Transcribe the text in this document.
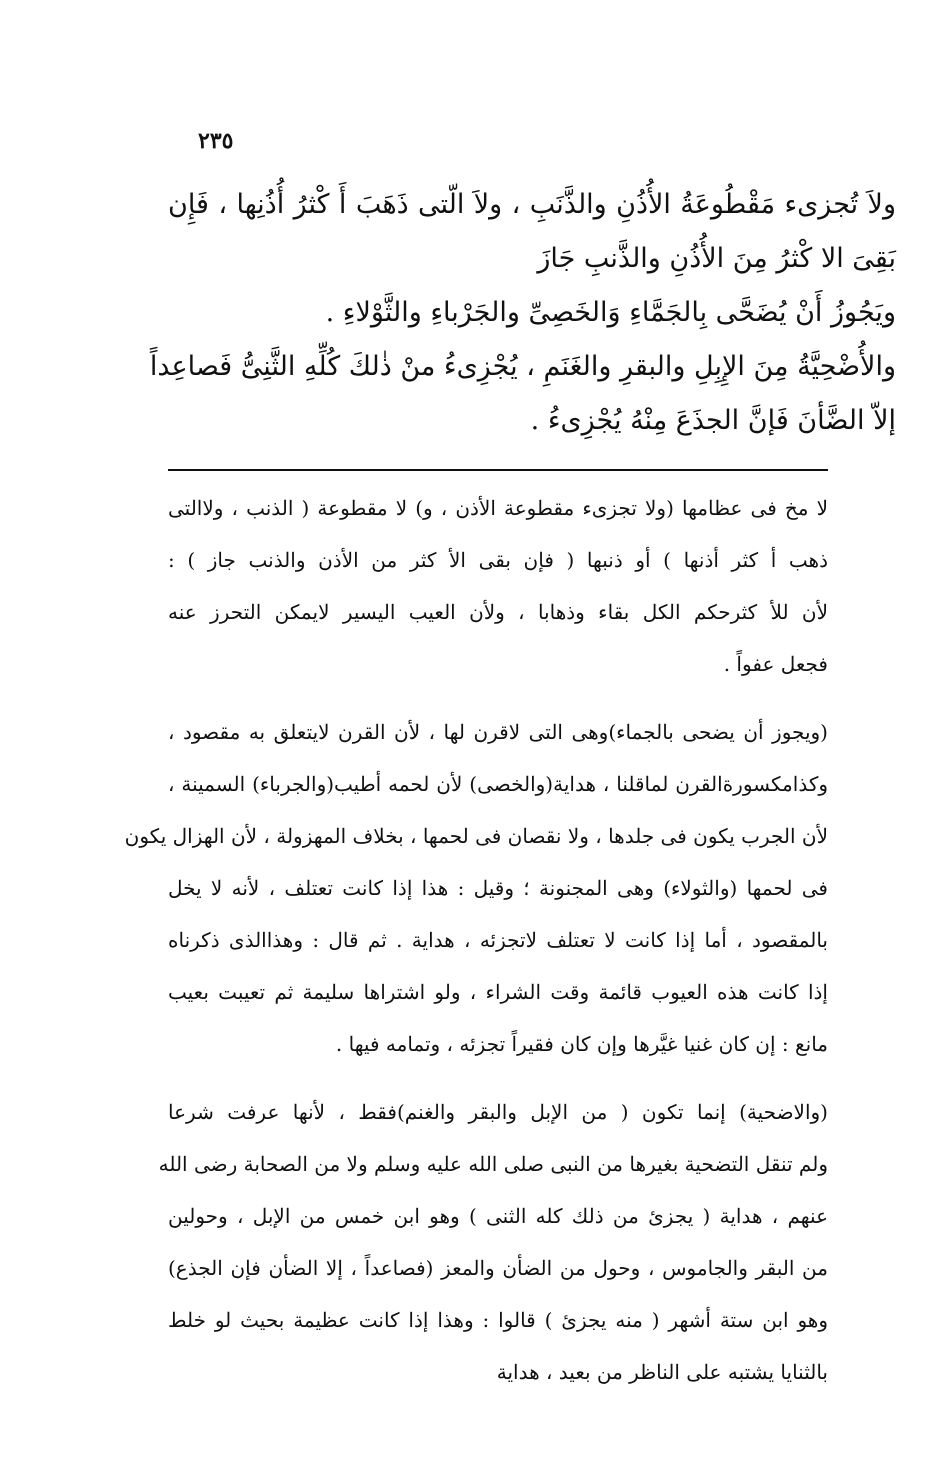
٢٣٥
ولاَ تُجزىء مَقْطُوعَةُ الأُذُنِ والذَّنَبِ ، ولاَ الّتى ذَهَبَ أَ كْثرُ أُذُنِها ، فَإِن
بَقِىَ الا كْثرُ مِنَ الأُذُنِ والذَّنبِ جَازَ
ويَجُوزُ أَنْ يُضَحَّى بِالجَمَّاءِ وَالخَصِىِّ والجَرْباءِ والثَّوْلاءِ .
والأُضْحِيَّةُ مِنَ الإِبِلِ والبقرِ والغَنَمِ ، يُجْزِىءُ منْ ذٰلكَ كُلِّهِ الثَّنِىُّ فَصاعِداً
إلاّ الضَّأنَ فَإنَّ الجذَعَ مِنْهُ يُجْزِىءُ .
لا مخ فى عظامها (ولا تجزىء مقطوعة الأذن ، و) لا مقطوعة ( الذنب ، ولاالتى
ذهب أ كثر أذنها ) أو ذنبها ( فإن بقى الأ كثر من الأذن والذنب جاز ) :
لأن للأ كثرحكم الكل بقاء وذهابا ، ولأن العيب اليسير لايمكن التحرز عنه
فجعل عفواً .
(ويجوز أن يضحى بالجماء)وهى التى لاقرن لها ، لأن القرن لايتعلق به مقصود ،
وكذامكسورةالقرن لماقلنا ، هداية(والخصى) لأن لحمه أطيب(والجرباء) السمينة ،
لأن الجرب يكون فى جلدها ، ولا نقصان فى لحمها ، بخلاف المهزولة ، لأن الهزال يكون
فى لحمها (والثولاء) وهى المجنونة ؛ وقيل : هذا إذا كانت تعتلف ، لأنه لا يخل
بالمقصود ، أما إذا كانت لا تعتلف لاتجزئه ، هداية . ثم قال : وهذاالذى ذكرناه
إذا كانت هذه العيوب قائمة وقت الشراء ، ولو اشتراها سليمة ثم تعيبت بعيب
مانع : إن كان غنيا غيَّرها وإن كان فقيراً تجزئه ، وتمامه فيها .
(والاضحية) إنما تكون ( من الإبل والبقر والغنم)فقط ، لأنها عرفت شرعا
ولم تنقل التضحية بغيرها من النبى صلى الله عليه وسلم ولا من الصحابة رضى الله
عنهم ، هداية ( يجزئ من ذلك كله الثنى ) وهو ابن خمس من الإبل ، وحولين
من البقر والجاموس ، وحول من الضأن والمعز (فصاعداً ، إلا الضأن فإن الجذع)
وهو ابن ستة أشهر ( منه يجزئ ) قالوا : وهذا إذا كانت عظيمة بحيث لو خلط
بالثنايا يشتبه على الناظر من بعيد ، هداية
